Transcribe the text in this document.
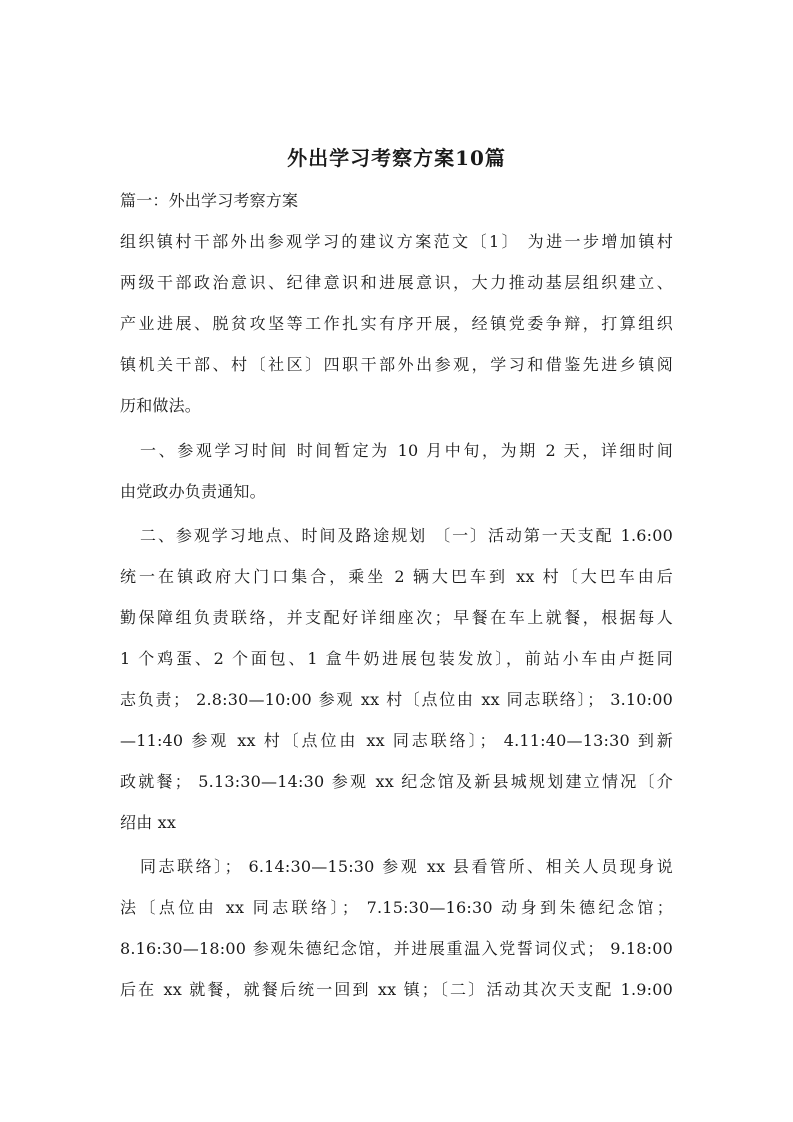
外出学习考察方案10篇
篇一：外出学习考察方案
组织镇村干部外出参观学习的建议方案范文〔1〕 为进一步增加镇村
两级干部政治意识、纪律意识和进展意识，大力推动基层组织建立、
产业进展、脱贫攻坚等工作扎实有序开展，经镇党委争辩，打算组织
镇机关干部、村〔社区〕四职干部外出参观，学习和借鉴先进乡镇阅
历和做法。
一、参观学习时间 时间暂定为 10 月中旬，为期 2 天，详细时间
由党政办负责通知。
二、参观学习地点、时间及路途规划 〔一〕活动第一天支配 1.6:00
统一在镇政府大门口集合，乘坐 2 辆大巴车到 xx 村〔大巴车由后
勤保障组负责联络，并支配好详细座次；早餐在车上就餐，根据每人
1 个鸡蛋、2 个面包、1 盒牛奶进展包装发放〕，前站小车由卢挺同
志负责； 2.8:30—10:00 参观 xx 村〔点位由 xx 同志联络〕； 3.10:00
—11:40 参观 xx 村〔点位由 xx 同志联络〕； 4.11:40—13:30 到新
政就餐； 5.13:30—14:30 参观 xx 纪念馆及新县城规划建立情况〔介
绍由 xx
同志联络〕； 6.14:30—15:30 参观 xx 县看管所、相关人员现身说
法〔点位由 xx 同志联络〕； 7.15:30—16:30 动身到朱德纪念馆；
8.16:30—18:00 参观朱德纪念馆，并进展重温入党誓词仪式； 9.18:00
后在 xx 就餐，就餐后统一回到 xx 镇；〔二〕活动其次天支配 1.9:00
